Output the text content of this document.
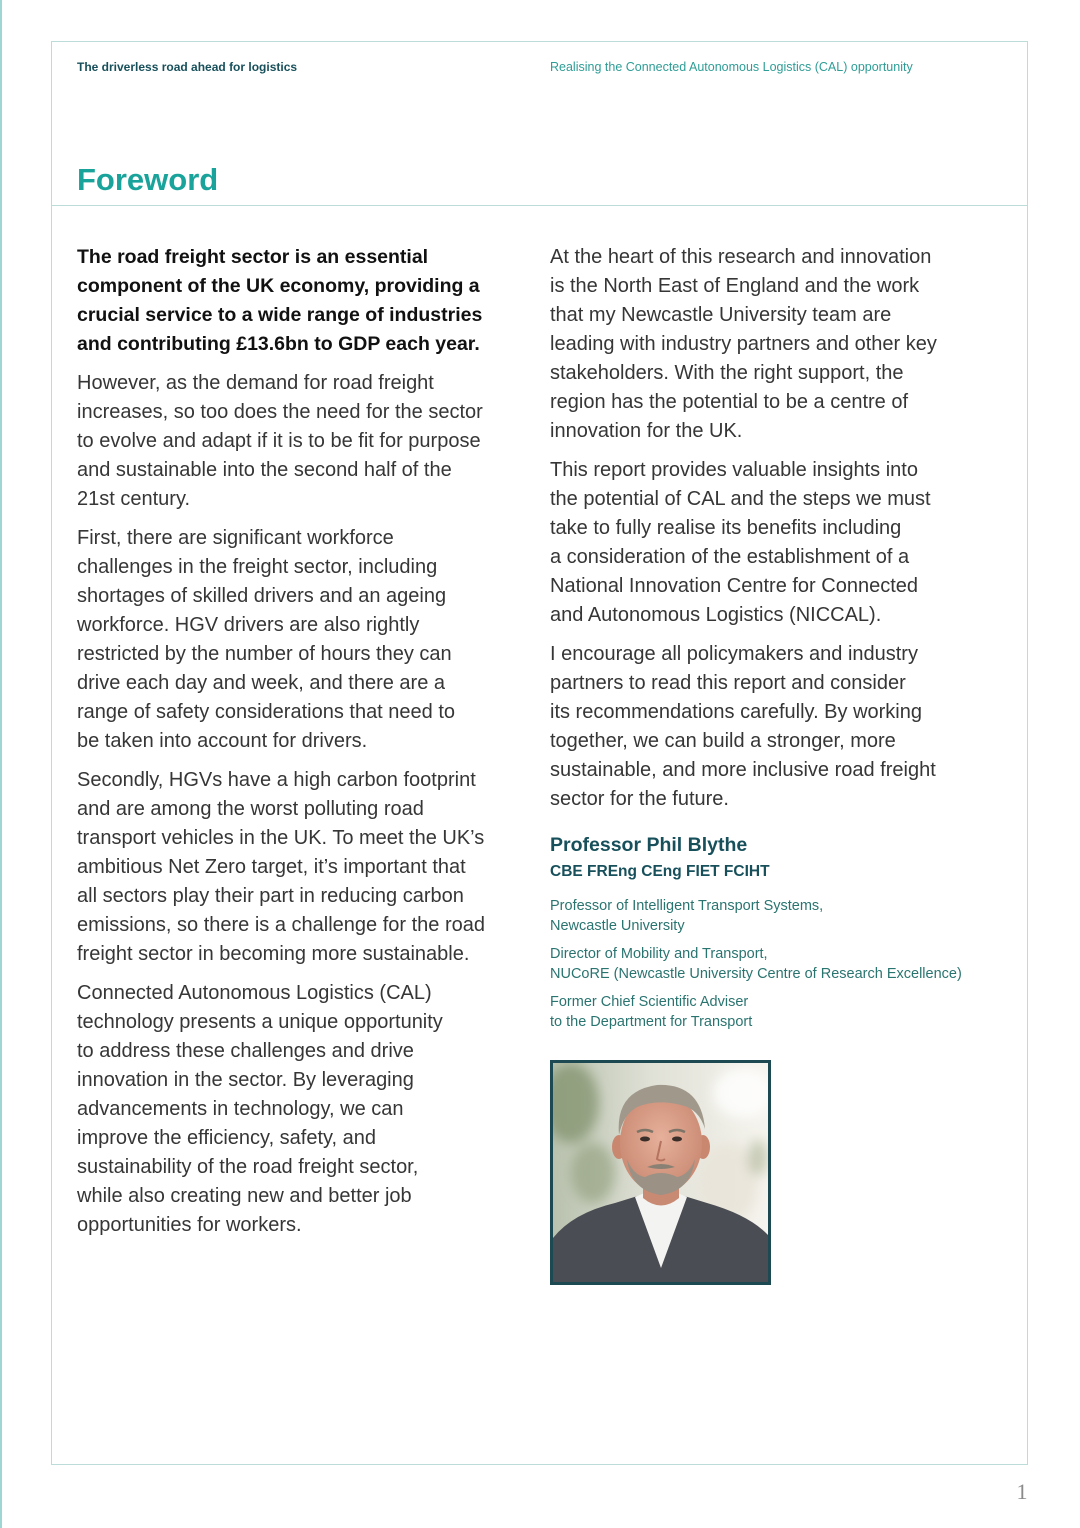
The driverless road ahead for logistics	Realising the Connected Autonomous Logistics (CAL) opportunity
Foreword
The road freight sector is an essential
component of the UK economy, providing a
crucial service to a wide range of industries
and contributing £13.6bn to GDP each year.
However, as the demand for road freight
increases, so too does the need for the sector
to evolve and adapt if it is to be fit for purpose
and sustainable into the second half of the
21st century.
First, there are significant workforce
challenges in the freight sector, including
shortages of skilled drivers and an ageing
workforce. HGV drivers are also rightly
restricted by the number of hours they can
drive each day and week, and there are a
range of safety considerations that need to
be taken into account for drivers.
Secondly, HGVs have a high carbon footprint
and are among the worst polluting road
transport vehicles in the UK. To meet the UK’s
ambitious Net Zero target, it’s important that
all sectors play their part in reducing carbon
emissions, so there is a challenge for the road
freight sector in becoming more sustainable.
Connected Autonomous Logistics (CAL)
technology presents a unique opportunity
to address these challenges and drive
innovation in the sector. By leveraging
advancements in technology, we can
improve the efficiency, safety, and
sustainability of the road freight sector,
while also creating new and better job
opportunities for workers.
At the heart of this research and innovation
is the North East of England and the work
that my Newcastle University team are
leading with industry partners and other key
stakeholders. With the right support, the
region has the potential to be a centre of
innovation for the UK.
This report provides valuable insights into
the potential of CAL and the steps we must
take to fully realise its benefits including
a consideration of the establishment of a
National Innovation Centre for Connected
and Autonomous Logistics (NICCAL).
I encourage all policymakers and industry
partners to read this report and consider
its recommendations carefully. By working
together, we can build a stronger, more
sustainable, and more inclusive road freight
sector for the future.
Professor Phil Blythe
CBE FREng CEng FIET FCIHT
Professor of Intelligent Transport Systems,
Newcastle University
Director of Mobility and Transport,
NUCoRE (Newcastle University Centre of Research Excellence)
Former Chief Scientific Adviser
to the Department for Transport
1
